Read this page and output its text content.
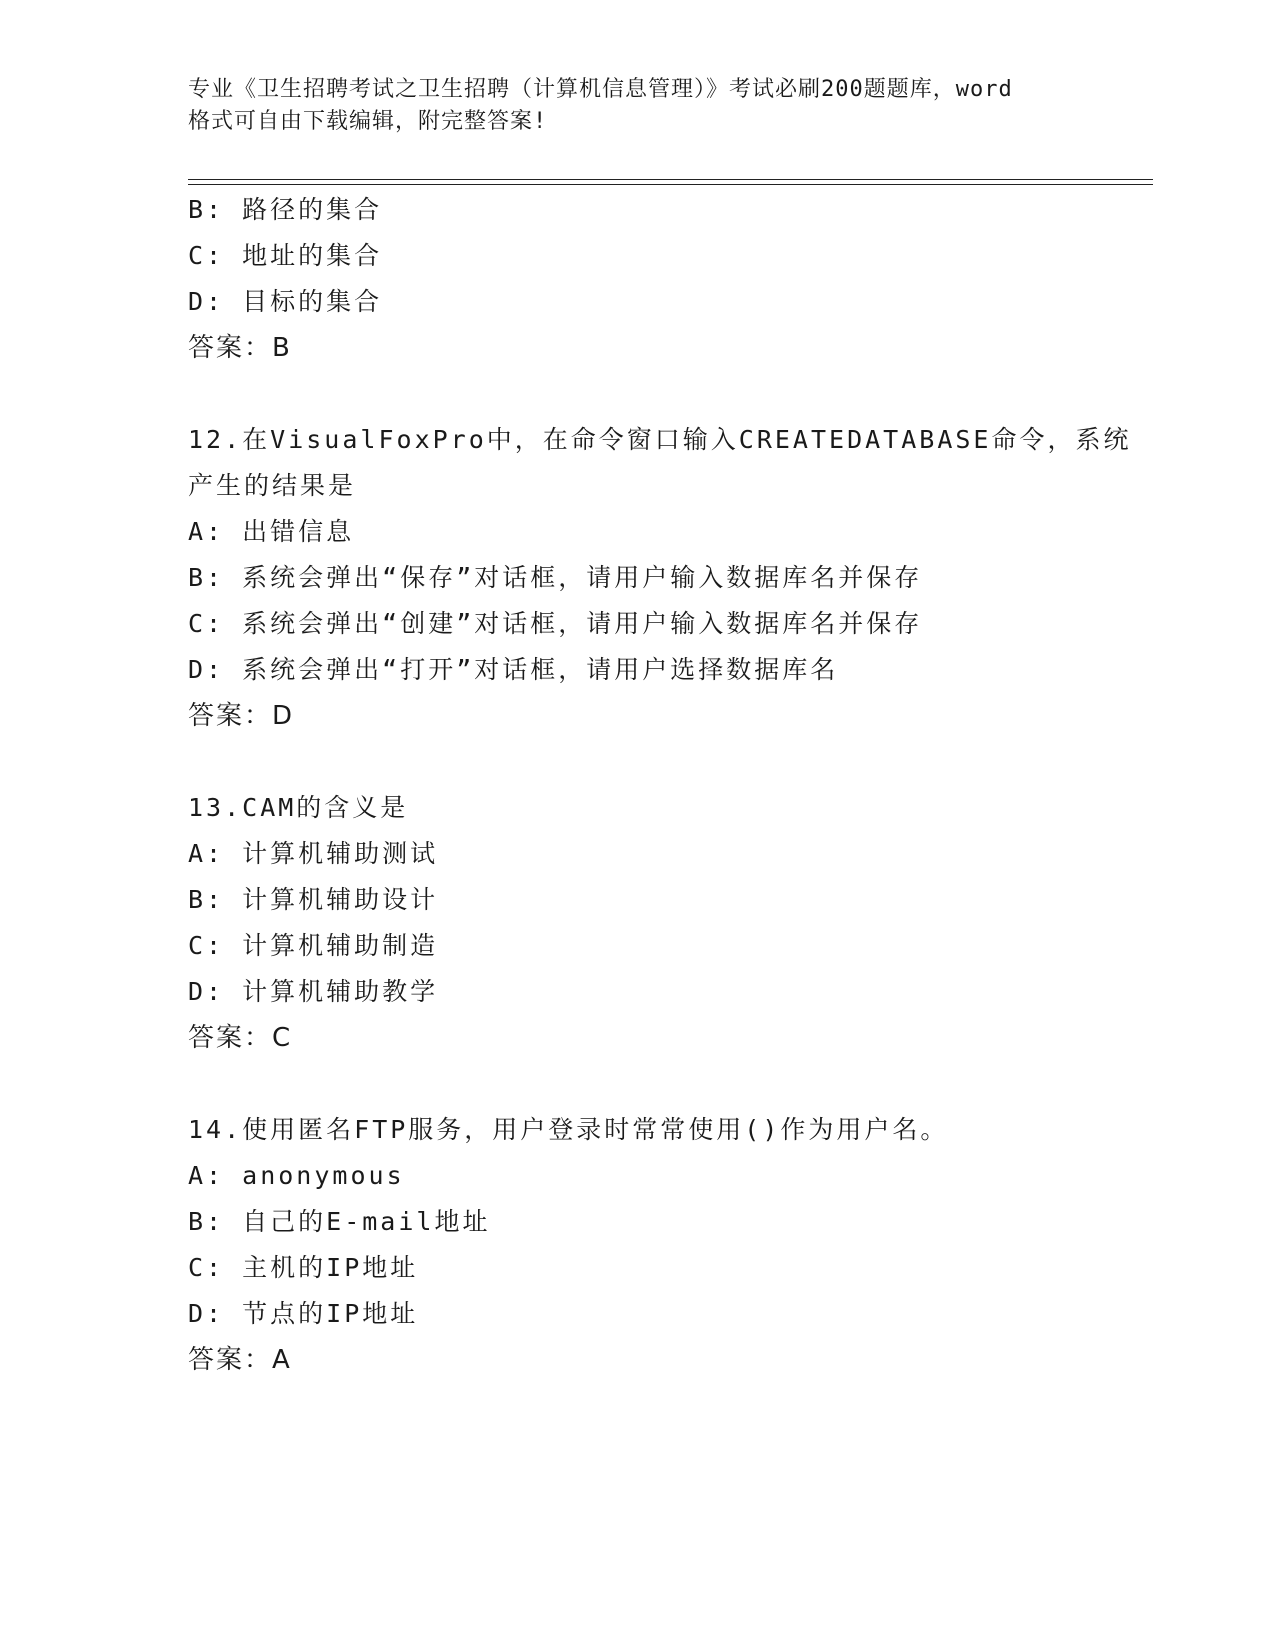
专业《卫生招聘考试之卫生招聘（计算机信息管理）》考试必刷200题题库，word
格式可自由下载编辑，附完整答案!
B: 路径的集合
C: 地址的集合
D: 目标的集合
答案：B
12.在VisualFoxPro中，在命令窗口输入CREATEDATABASE命令，系统
产生的结果是
A: 出错信息
B: 系统会弹出“保存”对话框，请用户输入数据库名并保存
C: 系统会弹出“创建”对话框，请用户输入数据库名并保存
D: 系统会弹出“打开”对话框，请用户选择数据库名
答案：D
13.CAM的含义是
A: 计算机辅助测试
B: 计算机辅助设计
C: 计算机辅助制造
D: 计算机辅助教学
答案：C
14.使用匿名FTP服务，用户登录时常常使用()作为用户名。
A: anonymous
B: 自己的E-mail地址
C: 主机的IP地址
D: 节点的IP地址
答案：A
